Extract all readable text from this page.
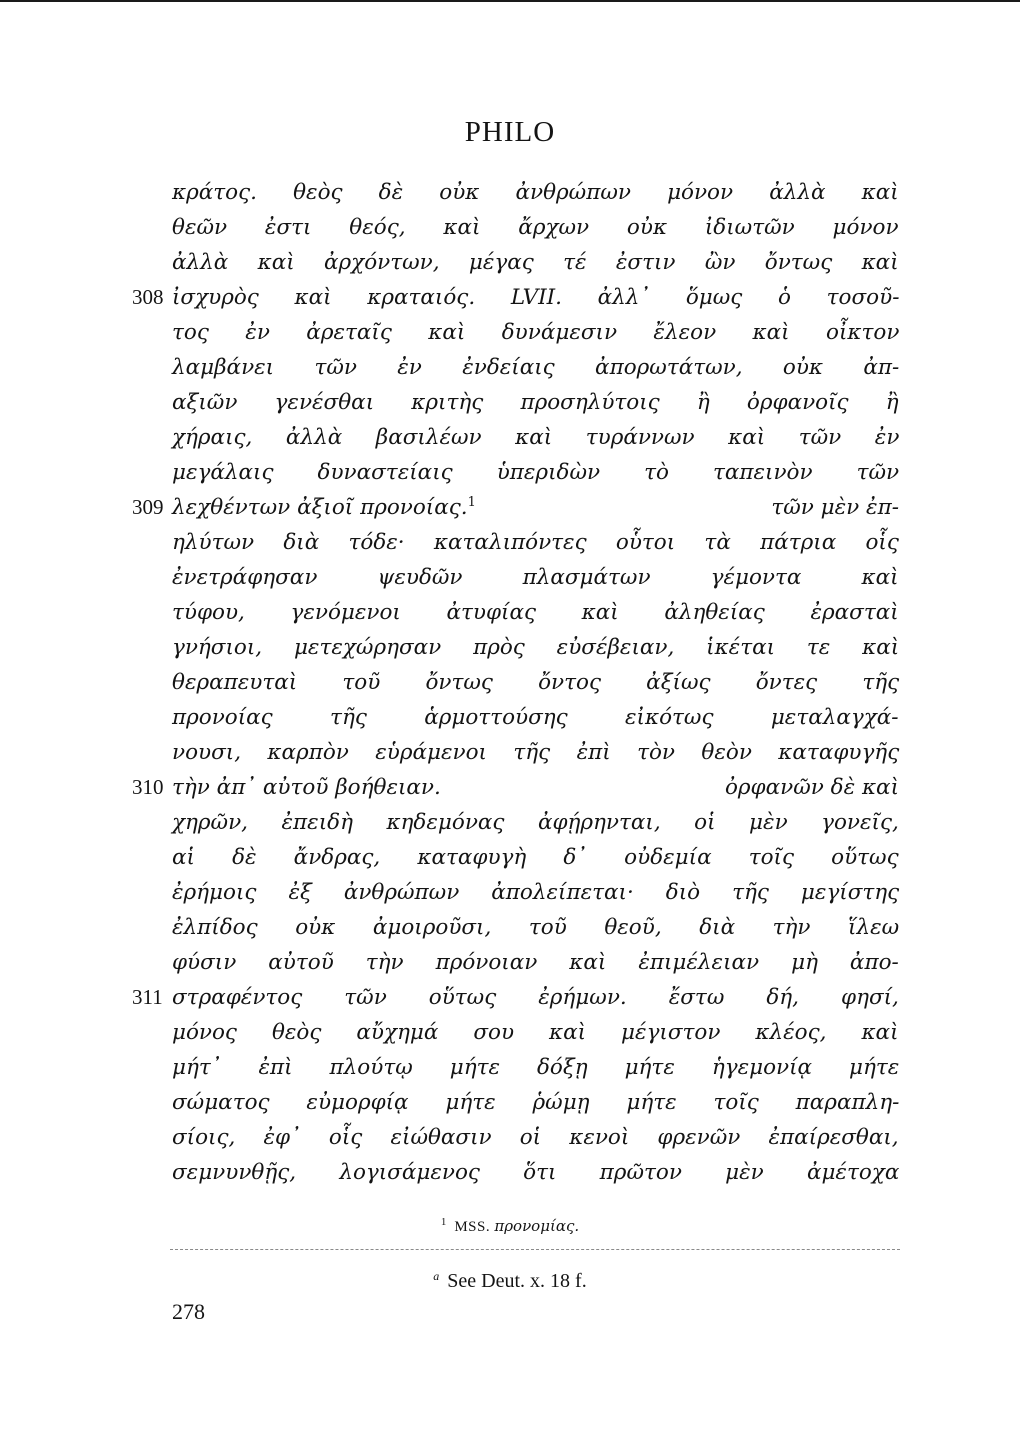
PHILO
κράτος. θεὸς δὲ οὐκ ἀνθρώπων μόνον ἀλλὰ καὶ
θεῶν ἐστι θεός, καὶ ἄρχων οὐκ ἰδιωτῶν μόνον
ἀλλὰ καὶ ἀρχόντων, μέγας τέ ἐστιν ὢν ὄντως καὶ
308 ἰσχυρὸς καὶ κραταιός. LVII. ἀλλ᾽ ὅμως ὁ τοσοῦ-
τος ἐν ἀρεταῖς καὶ δυνάμεσιν ἔλεον καὶ οἶκτον
λαμβάνει τῶν ἐν ἐνδείαις ἀπορωτάτων, οὐκ ἀπ-
αξιῶν γενέσθαι κριτὴς προσηλύτοις ἢ ὀρφανοῖς ἢ
χήραις, ἀλλὰ βασιλέων καὶ τυράννων καὶ τῶν ἐν
μεγάλαις δυναστείαις ὑπεριδὼν τὸ ταπεινὸν τῶν
309 λεχθέντων ἀξιοῖ προνοίας.$^1$	τῶν μὲν ἐπ-
ηλύτων διὰ τόδε· καταλιπόντες οὗτοι τὰ πάτρια οἷς
ἐνετράφησαν ψευδῶν πλασμάτων γέμοντα καὶ
τύφου, γενόμενοι ἀτυφίας καὶ ἀληθείας ἐρασταὶ
γνήσιοι, μετεχώρησαν πρὸς εὐσέβειαν, ἱκέται τε καὶ
θεραπευταὶ τοῦ ὄντως ὄντος ἀξίως ὄντες τῆς
προνοίας τῆς ἁρμοττούσης εἰκότως μεταλαγχά-
νουσι, καρπὸν εὑράμενοι τῆς ἐπὶ τὸν θεὸν καταφυγῆς
310 τὴν ἀπ᾽ αὐτοῦ βοήθειαν.	ὀρφανῶν δὲ καὶ
χηρῶν, ἐπειδὴ κηδεμόνας ἀφῄρηνται, οἱ μὲν γονεῖς,
αἱ δὲ ἄνδρας, καταφυγὴ δ᾽ οὐδεμία τοῖς οὕτως
ἐρήμοις ἐξ ἀνθρώπων ἀπολείπεται· διὸ τῆς μεγίστης
ἐλπίδος οὐκ ἀμοιροῦσι, τοῦ θεοῦ, διὰ τὴν ἵλεω
φύσιν αὐτοῦ τὴν πρόνοιαν καὶ ἐπιμέλειαν μὴ ἀπο-
311 στραφέντος τῶν οὕτως ἐρήμων. ἔστω δή, φησί,
μόνος θεὸς αὔχημά σου καὶ μέγιστον κλέος, καὶ
μήτ᾽ ἐπὶ πλούτῳ μήτε δόξῃ μήτε ἡγεμονίᾳ μήτε
σώματος εὐμορφίᾳ μήτε ῥώμῃ μήτε τοῖς παραπλη-
σίοις, ἐφ᾽ οἷς εἰώθασιν οἱ κενοὶ φρενῶν ἐπαίρεσθαι,
σεμνυνθῇς, λογισάμενος ὅτι πρῶτον μὲν ἀμέτοχα
$^1$ MSS. προνομίας.
$^a$ See Deut. x. 18 f.
278
